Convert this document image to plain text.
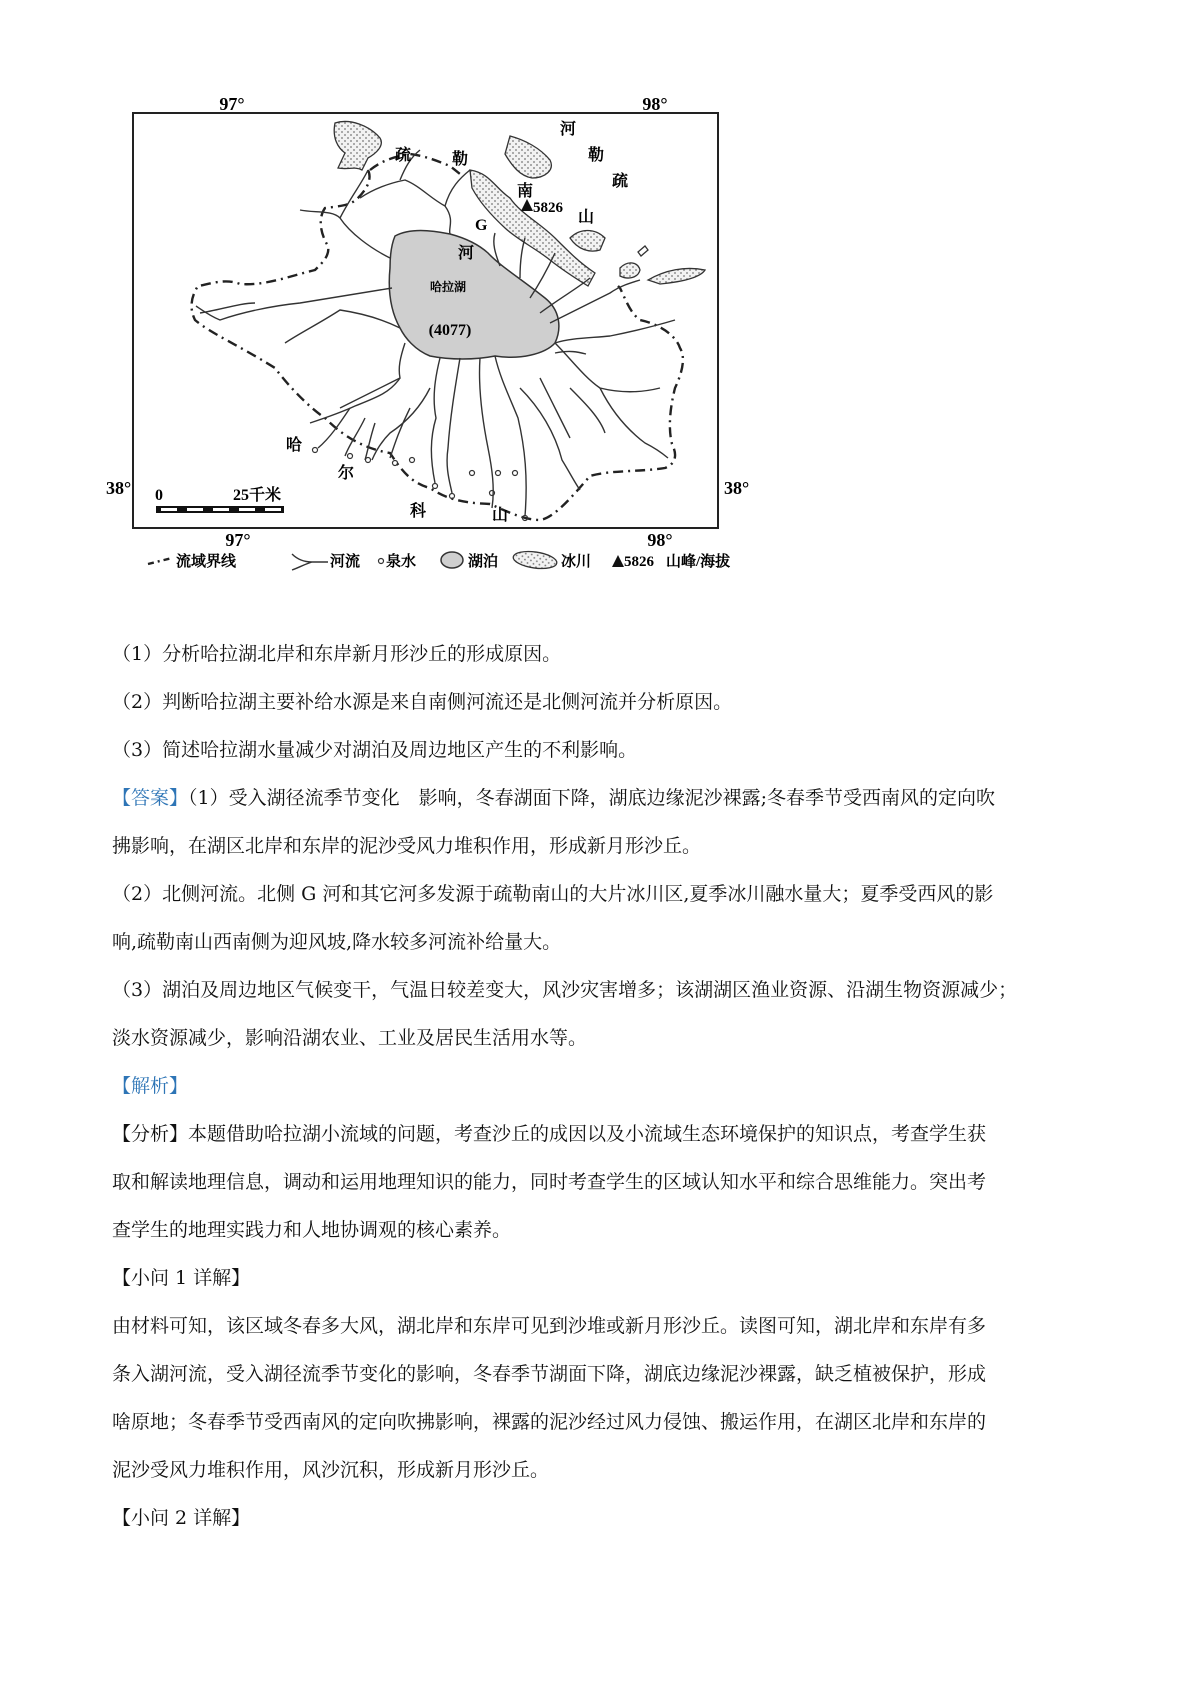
97°	98°
97°	98°
38°	38°
哈拉湖
(4077)
5826
疏	勒
南
山
河
勒
疏
G
河
哈
尔
科	山
0	25千米
流域界线	河流 泉水	湖泊	冰川 5826 山峰/海拔
（1）分析哈拉湖北岸和东岸新月形沙丘的形成原因。
（2）判断哈拉湖主要补给水源是来自南侧河流还是北侧河流并分析原因。
（3）简述哈拉湖水量减少对湖泊及周边地区产生的不利影响。
【答案】（1）受入湖径流季节变化　影响，冬春湖面下降，湖底边缘泥沙裸露;冬春季节受西南风的定向吹
拂影响，在湖区北岸和东岸的泥沙受风力堆积作用，形成新月形沙丘。
（2）北侧河流。北侧 G 河和其它河多发源于疏勒南山的大片冰川区,夏季冰川融水量大；夏季受西风的影
响,疏勒南山西南侧为迎风坡,降水较多河流补给量大。
（3）湖泊及周边地区气候变干，气温日较差变大，风沙灾害增多；该湖湖区渔业资源、沿湖生物资源减少；
淡水资源减少，影响沿湖农业、工业及居民生活用水等。
【解析】
【分析】本题借助哈拉湖小流域的问题，考查沙丘的成因以及小流域生态环境保护的知识点，考查学生获
取和解读地理信息，调动和运用地理知识的能力，同时考查学生的区域认知水平和综合思维能力。突出考
查学生的地理实践力和人地协调观的核心素养。
【小问 1 详解】
由材料可知，该区域冬春多大风，湖北岸和东岸可见到沙堆或新月形沙丘。读图可知，湖北岸和东岸有多
条入湖河流，受入湖径流季节变化的影响，冬春季节湖面下降，湖底边缘泥沙裸露，缺乏植被保护，形成
啥原地；冬春季节受西南风的定向吹拂影响，裸露的泥沙经过风力侵蚀、搬运作用，在湖区北岸和东岸的
泥沙受风力堆积作用，风沙沉积，形成新月形沙丘。
【小问 2 详解】
